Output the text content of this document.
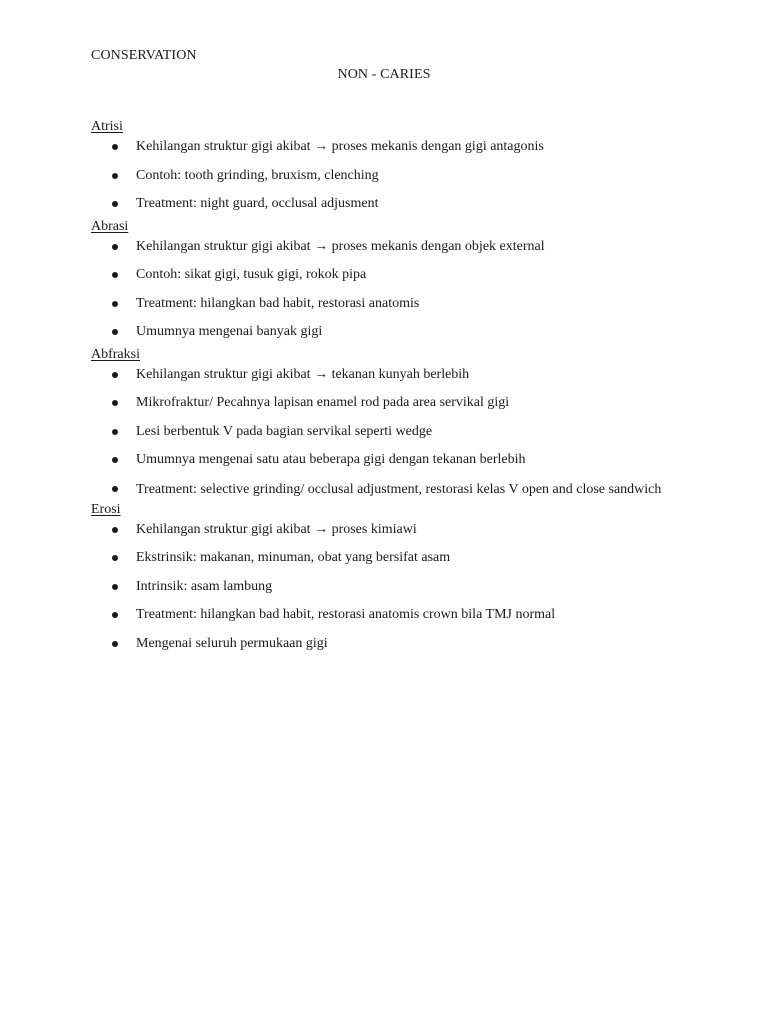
CONSERVATION
NON - CARIES
Atrisi
Kehilangan struktur gigi akibat → proses mekanis dengan gigi antagonis
Contoh: tooth grinding, bruxism, clenching
Treatment: night guard, occlusal adjusment
Abrasi
Kehilangan struktur gigi akibat → proses mekanis dengan objek external
Contoh: sikat gigi, tusuk gigi, rokok pipa
Treatment: hilangkan bad habit, restorasi anatomis
Umumnya mengenai banyak gigi
Abfraksi
Kehilangan struktur gigi akibat → tekanan kunyah berlebih
Mikrofraktur/ Pecahnya lapisan enamel rod pada area servikal gigi
Lesi berbentuk V pada bagian servikal seperti wedge
Umumnya mengenai satu atau beberapa gigi dengan tekanan berlebih
Treatment: selective grinding/ occlusal adjustment, restorasi kelas V open and close sandwich
Erosi
Kehilangan struktur gigi akibat → proses kimiawi
Ekstrinsik: makanan, minuman, obat yang bersifat asam
Intrinsik: asam lambung
Treatment: hilangkan bad habit, restorasi anatomis crown bila TMJ normal
Mengenai seluruh permukaan gigi
